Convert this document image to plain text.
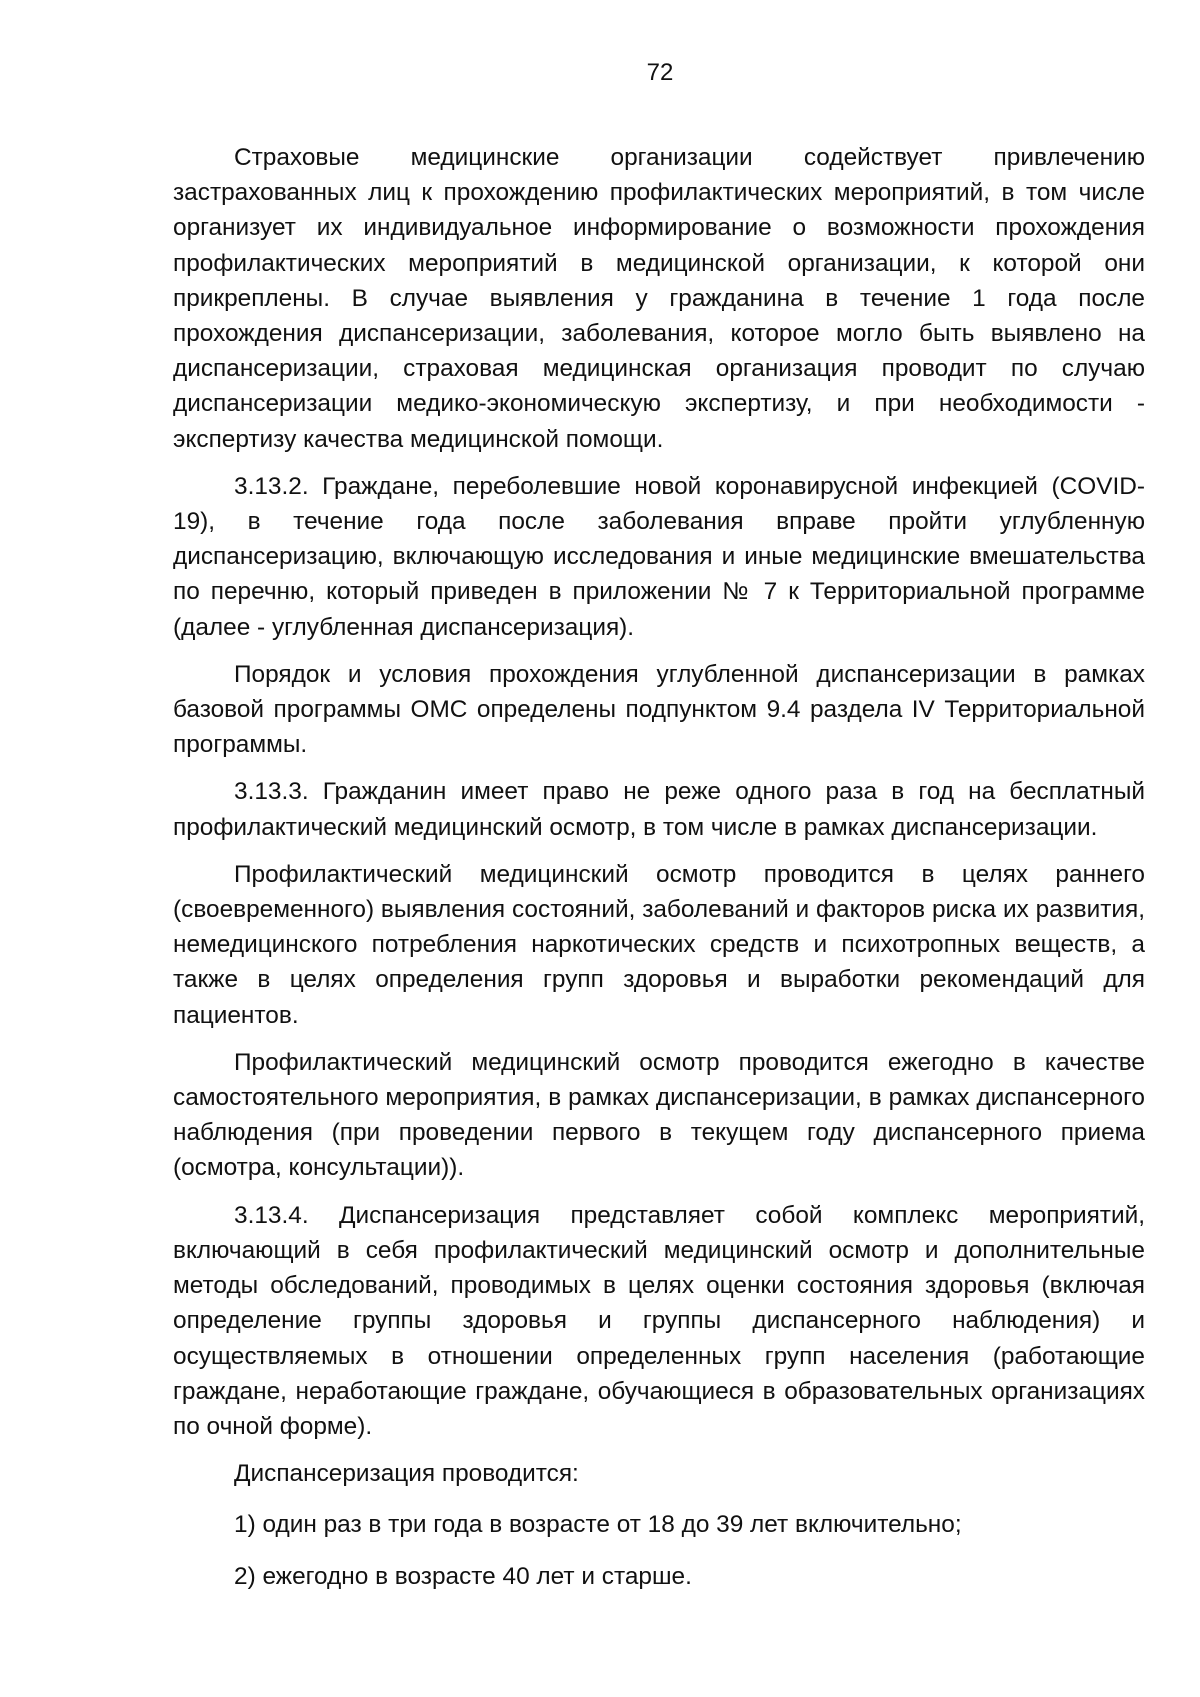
72

Страховые медицинские организации содействует привлечению застрахованных лиц к прохождению профилактических мероприятий, в том числе организует их индивидуальное информирование о возможности прохождения профилактических мероприятий в медицинской организации, к которой они прикреплены. В случае выявления у гражданина в течение 1 года после прохождения диспансеризации, заболевания, которое могло быть выявлено на диспансеризации, страховая медицинская организация проводит по случаю диспансеризации медико-экономическую экспертизу, и при необходимости - экспертизу качества медицинской помощи.

3.13.2. Граждане, переболевшие новой коронавирусной инфекцией (COVID-19), в течение года после заболевания вправе пройти углубленную диспансеризацию, включающую исследования и иные медицинские вмешательства по перечню, который приведен в приложении № 7 к Территориальной программе (далее - углубленная диспансеризация).

Порядок и условия прохождения углубленной диспансеризации в рамках базовой программы ОМС определены подпунктом 9.4 раздела IV Территориальной программы.

3.13.3. Гражданин имеет право не реже одного раза в год на бесплатный профилактический медицинский осмотр, в том числе в рамках диспансеризации.

Профилактический медицинский осмотр проводится в целях раннего (своевременного) выявления состояний, заболеваний и факторов риска их развития, немедицинского потребления наркотических средств и психотропных веществ, а также в целях определения групп здоровья и выработки рекомендаций для пациентов.

Профилактический медицинский осмотр проводится ежегодно в качестве самостоятельного мероприятия, в рамках диспансеризации, в рамках диспансерного наблюдения (при проведении первого в текущем году диспансерного приема (осмотра, консультации)).

3.13.4. Диспансеризация представляет собой комплекс мероприятий, включающий в себя профилактический медицинский осмотр и дополнительные методы обследований, проводимых в целях оценки состояния здоровья (включая определение группы здоровья и группы диспансерного наблюдения) и осуществляемых в отношении определенных групп населения (работающие граждане, неработающие граждане, обучающиеся в образовательных организациях по очной форме).

Диспансеризация проводится:

1) один раз в три года в возрасте от 18 до 39 лет включительно;

2) ежегодно в возрасте 40 лет и старше.
